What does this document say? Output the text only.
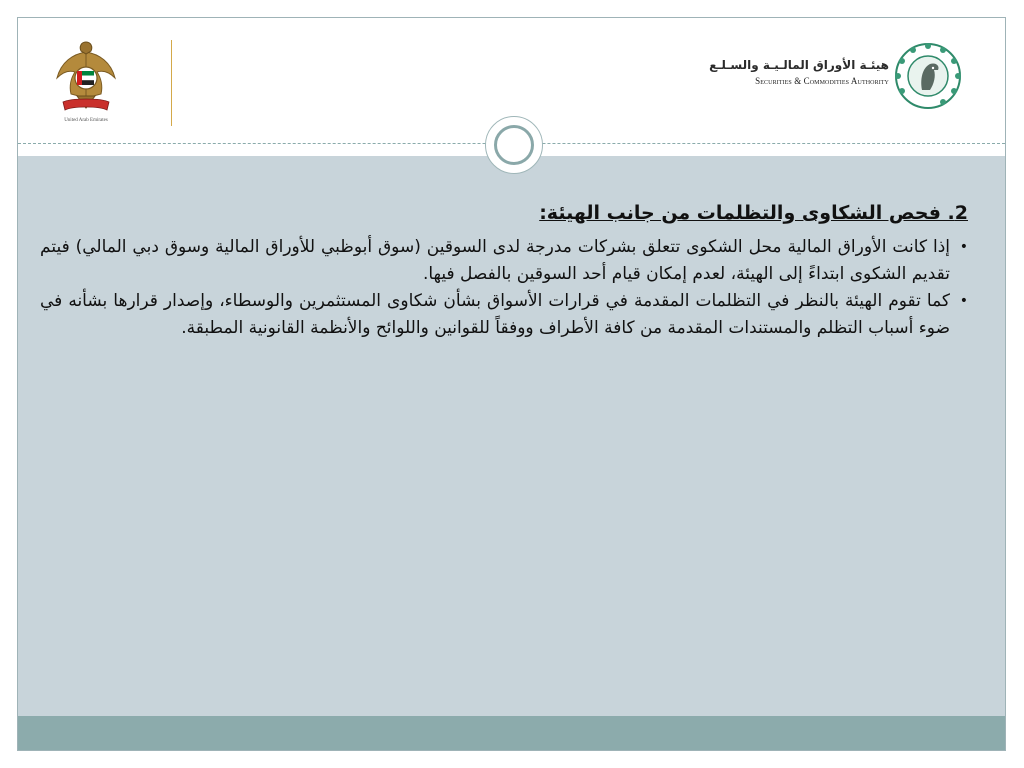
United Arab Emirates
هيئـة الأوراق المالـيـة والسـلـع
Securities & Commodities Authority
2. فحص الشكاوى والتظلمات من جانب الهيئة:
• إذا كانت الأوراق المالية محل الشكوى تتعلق بشركات مدرجة لدى السوقين (سوق أبوظبي للأوراق المالية وسوق دبي المالي) فيتم تقديم الشكوى ابتداءً إلى الهيئة، لعدم إمكان قيام أحد السوقين بالفصل فيها.
• كما تقوم الهيئة بالنظر في التظلمات المقدمة في قرارات الأسواق بشأن شكاوى المستثمرين والوسطاء، وإصدار قرارها بشأنه في ضوء أسباب التظلم والمستندات المقدمة من كافة الأطراف ووفقاً للقوانين واللوائح والأنظمة القانونية المطبقة.
